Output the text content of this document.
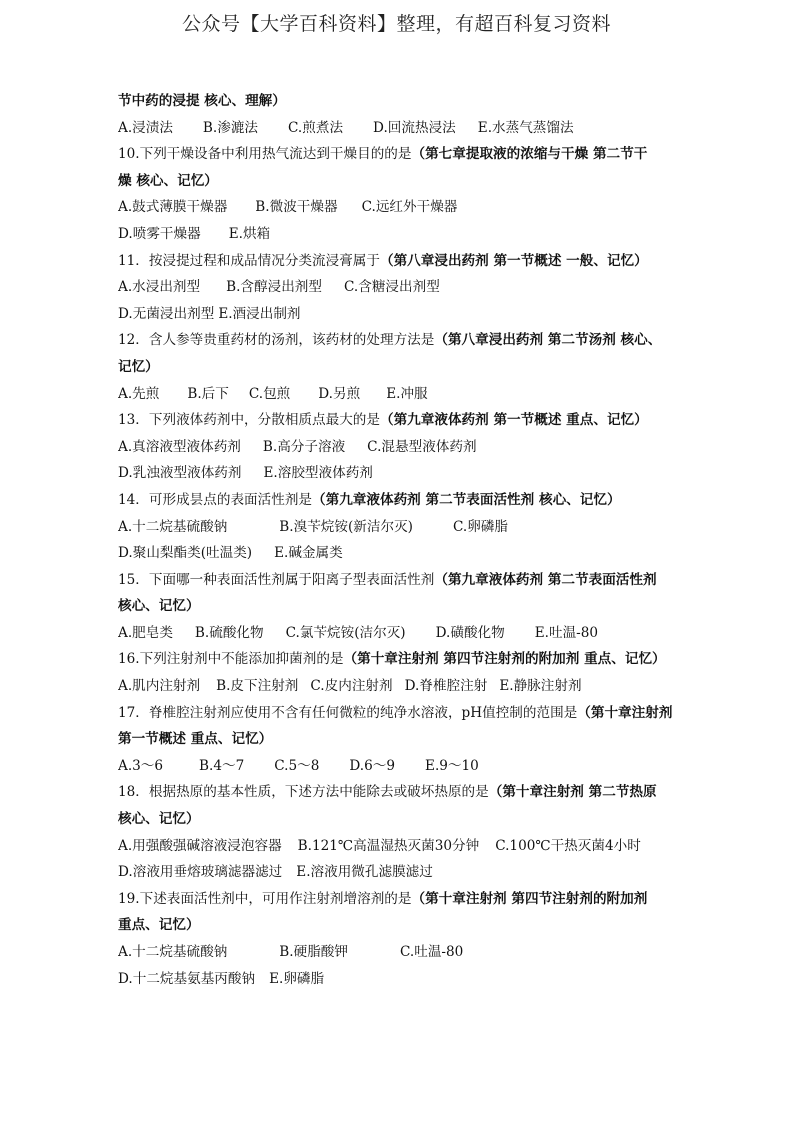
公众号【大学百科资料】整理，有超百科复习资料
节中药的浸提 核心、理解）
A.浸渍法 B.渗漉法 C.煎煮法 D.回流热浸法 E.水蒸气蒸馏法
10.下列干燥设备中利用热气流达到干燥目的的是（第七章提取液的浓缩与干燥 第二节干
燥 核心、记忆）
A.鼓式薄膜干燥器 B.微波干燥器 C.远红外干燥器
D.喷雾干燥器 E.烘箱
11．按浸提过程和成品情况分类流浸膏属于（第八章浸出药剂 第一节概述 一般、记忆）
A.水浸出剂型 B.含醇浸出剂型 C.含糖浸出剂型
D.无菌浸出剂型 E.酒浸出制剂
12．含人参等贵重药材的汤剂，该药材的处理方法是（第八章浸出药剂 第二节汤剂 核心、
记忆）
A.先煎 B.后下 C.包煎 D.另煎 E.冲服
13．下列液体药剂中，分散相质点最大的是（第九章液体药剂 第一节概述 重点、记忆）
A.真溶液型液体药剂 B.高分子溶液 C.混悬型液体药剂
D.乳浊液型液体药剂 E.溶胶型液体药剂
14．可形成昙点的表面活性剂是（第九章液体药剂 第二节表面活性剂 核心、记忆）
A.十二烷基硫酸钠	B.溴苄烷铵(新洁尔灭)	C.卵磷脂
D.聚山梨酯类(吐温类) E.碱金属类
15．下面哪一种表面活性剂属于阳离子型表面活性剂（第九章液体药剂 第二节表面活性剂
核心、记忆）
A.肥皂类 B.硫酸化物 C.氯苄烷铵(洁尔灭) D.磺酸化物 E.吐温-80
16.下列注射剂中不能添加抑菌剂的是（第十章注射剂 第四节注射剂的附加剂 重点、记忆）
A.肌内注射剂 B.皮下注射剂 C.皮内注射剂 D.脊椎腔注射 E.静脉注射剂
17．脊椎腔注射剂应使用不含有任何微粒的纯净水溶液，pH值控制的范围是（第十章注射剂
第一节概述 重点、记忆）
A.3～6	B.4～7 C.5～8 D.6～9 E.9～10
18．根据热原的基本性质，下述方法中能除去或破坏热原的是（第十章注射剂 第二节热原
核心、记忆）
A.用强酸强碱溶液浸泡容器 B.121℃高温湿热灭菌30分钟 C.100℃干热灭菌4小时
D.溶液用垂熔玻璃滤器滤过 E.溶液用微孔滤膜滤过
19.下述表面活性剂中，可用作注射剂增溶剂的是（第十章注射剂 第四节注射剂的附加剂
重点、记忆）
A.十二烷基硫酸钠	B.硬脂酸钾	C.吐温-80
D.十二烷基氨基丙酸钠 E.卵磷脂
